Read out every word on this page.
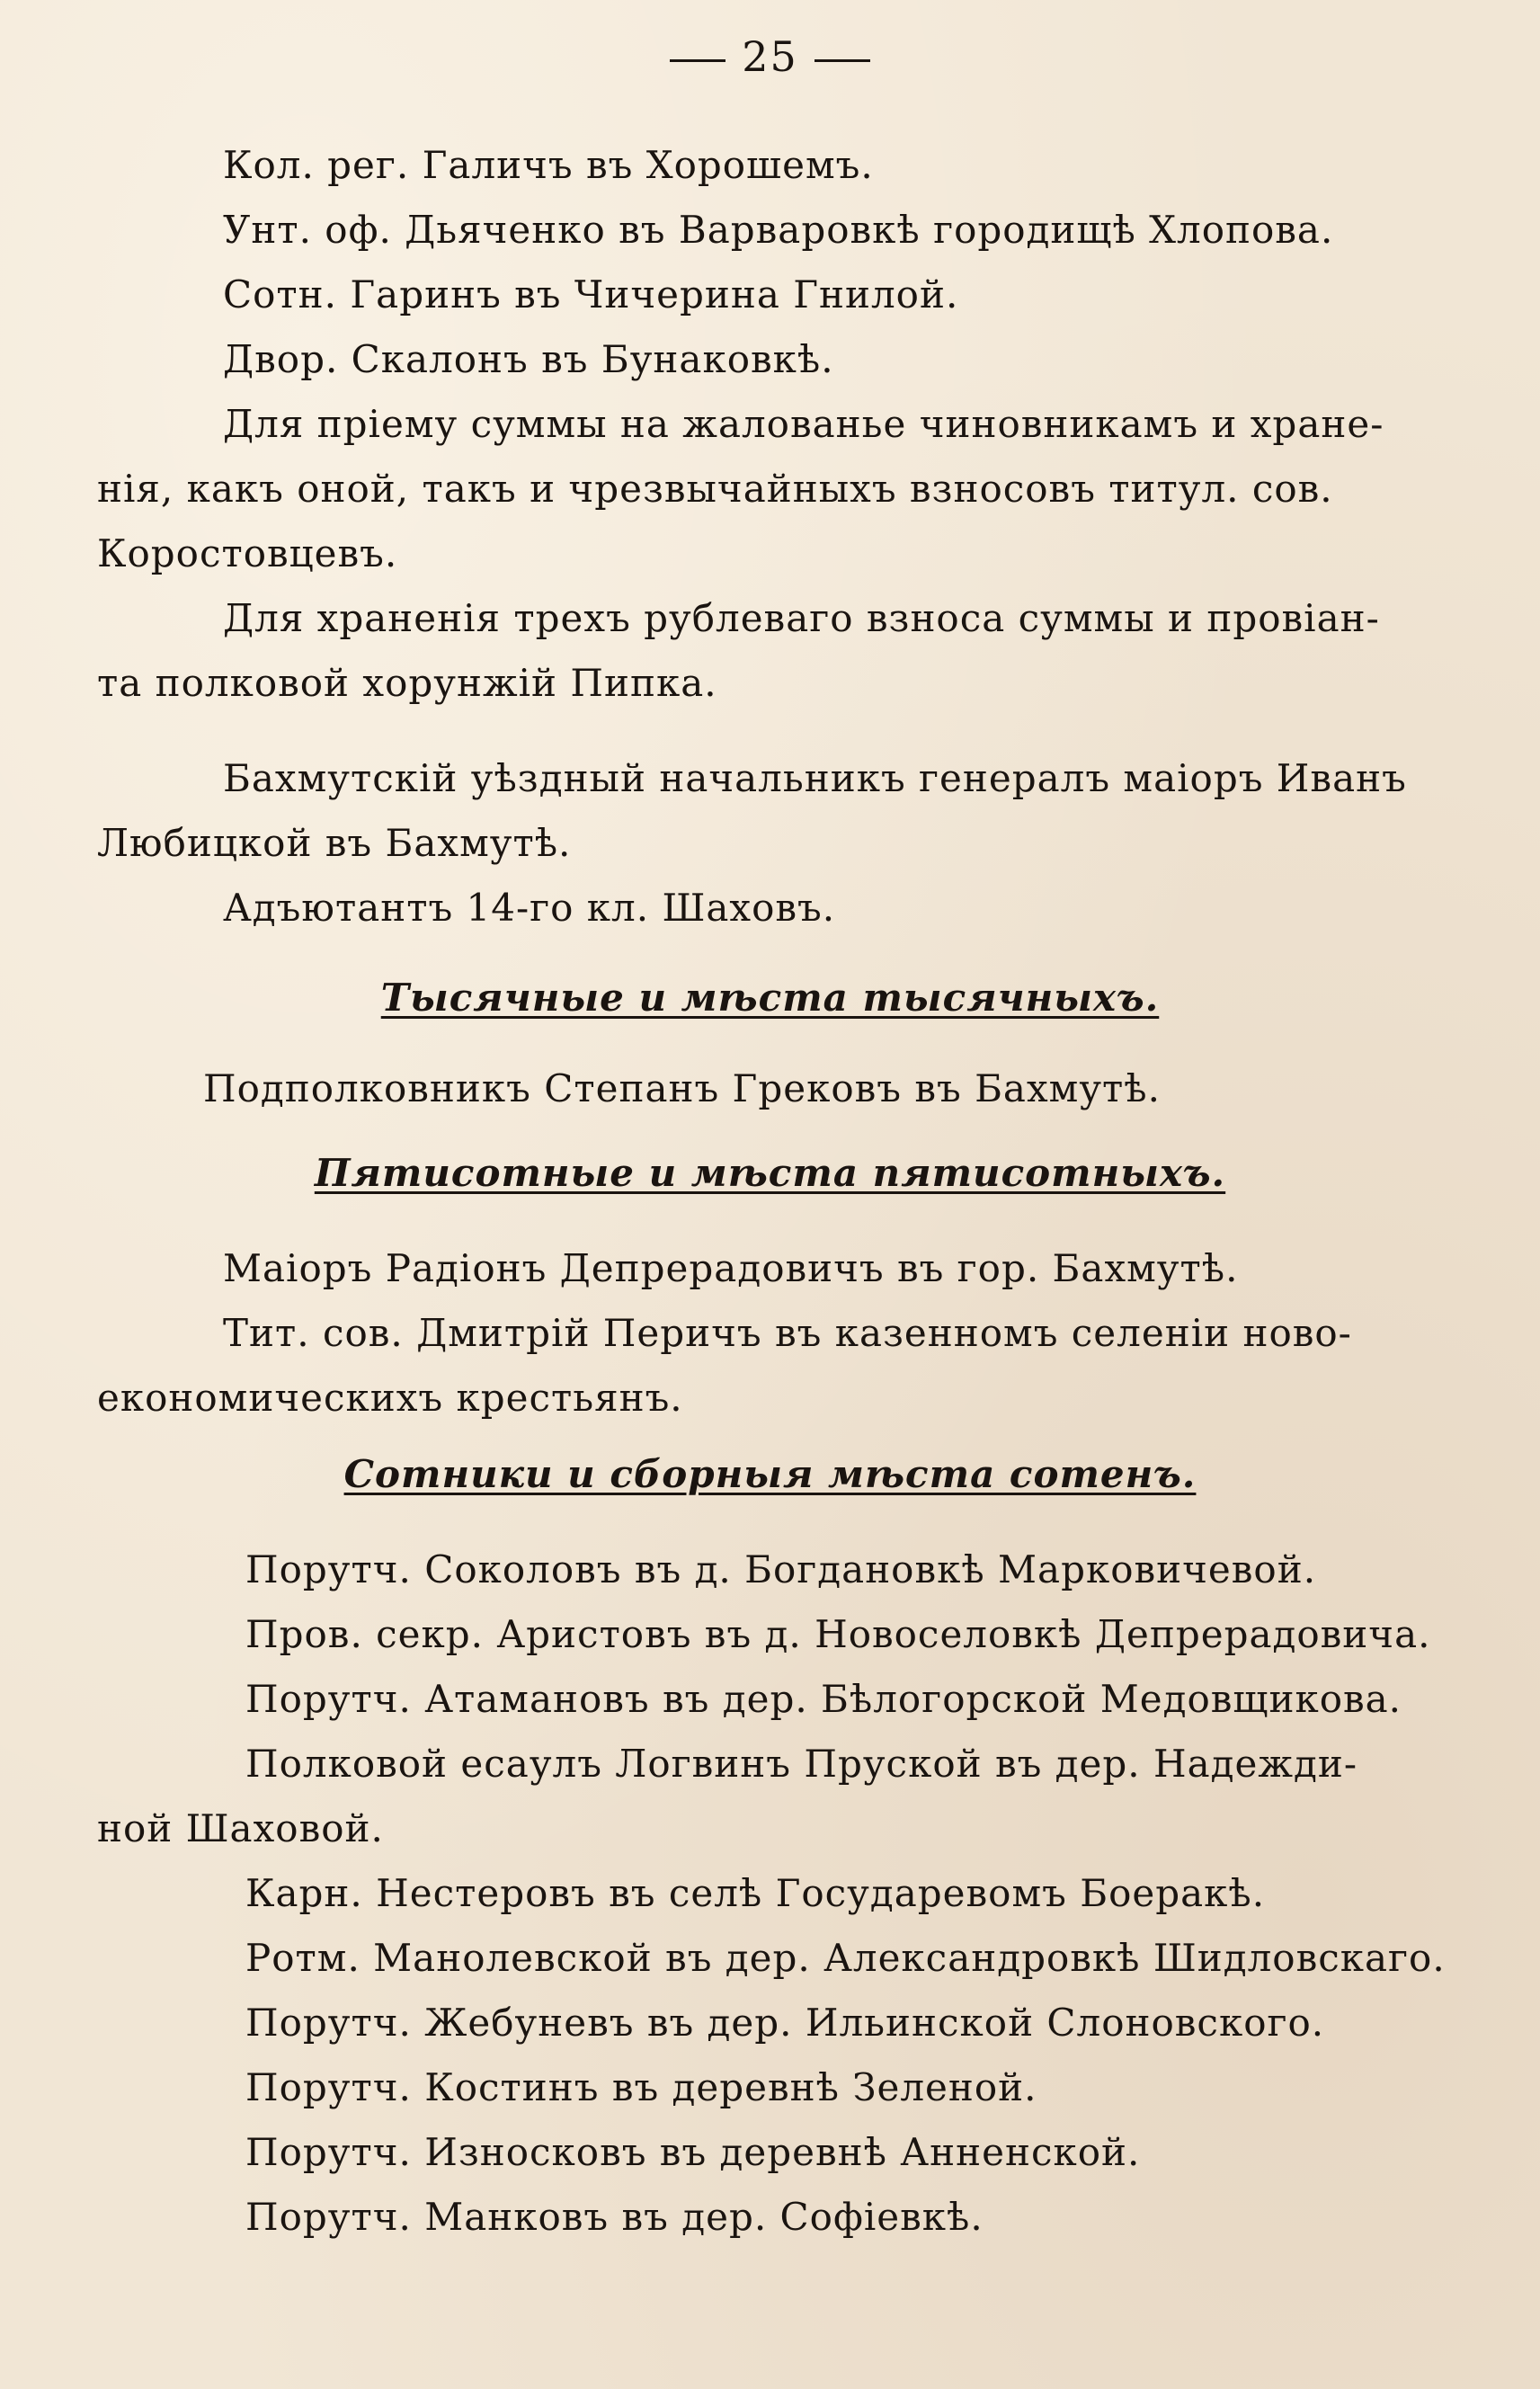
25
Кол. рег. Галичъ въ Хорошемъ.
Унт. оф. Дьяченко въ Варваровкѣ городищѣ Хлопова.
Сотн. Гаринъ въ Чичерина Гнилой.
Двор. Скалонъ въ Бунаковкѣ.
Для прiему суммы на жалованье чиновникамъ и хране-
нiя, какъ оной, такъ и чрезвычайныхъ взносовъ титул. сов.
Коростовцевъ.
Для храненiя трехъ рублеваго взноса суммы и провiан-
та полковой хорунжiй Пипка.
Бахмутскiй уѣздный начальникъ генералъ маiоръ Иванъ
Любицкой въ Бахмутѣ.
Адъютантъ 14-го кл. Шаховъ.
Тысячные и мѣста тысячныхъ.
Подполковникъ Степанъ Грековъ въ Бахмутѣ.
Пятисотные и мѣста пятисотныхъ.
Маiоръ Радiонъ Депрерадовичъ въ гор. Бахмутѣ.
Тит. сов. Дмитрiй Перичъ въ казенномъ селенiи ново-
економическихъ крестьянъ.
Сотники и сборныя мѣста сотенъ.
Порутч. Соколовъ въ д. Богдановкѣ Марковичевой.
Пров. секр. Аристовъ въ д. Новоселовкѣ Депрерадовича.
Порутч. Атамановъ въ дер. Бѣлогорской Медовщикова.
Полковой есаулъ Логвинъ Пруской въ дер. Надежди-
ной Шаховой.
Карн. Нестеровъ въ селѣ Государевомъ Боеракѣ.
Ротм. Манолевской въ дер. Александровкѣ Шидловскаго.
Порутч. Жебуневъ въ дер. Ильинской Слоновского.
Порутч. Костинъ въ деревнѣ Зеленой.
Порутч. Износковъ въ деревнѣ Анненской.
Порутч. Манковъ въ дер. Софiевкѣ.
